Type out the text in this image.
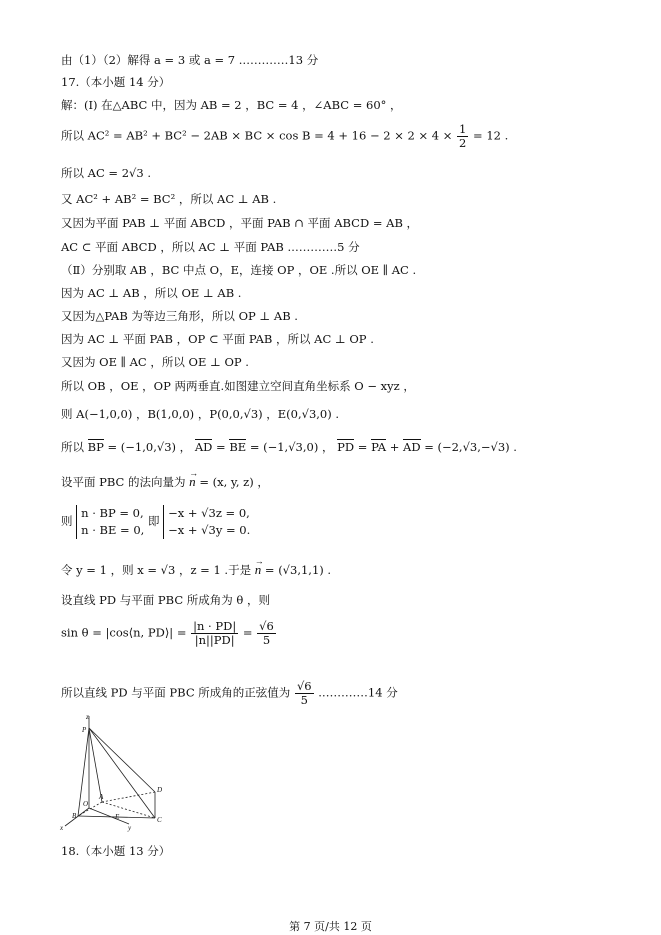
由（1）（2）解得 a = 3 或 a = 7 .…………13 分
17.（本小题 14 分）
解：(Ⅰ) 在△ABC 中，因为 AB = 2 ，BC = 4 ，∠ABC = 60° ，
所以 AC² = AB² + BC² − 2AB × BC × $\cos B = 4 + 16 - 2 \times 2 \times 4 \times \frac{1}{2} = 12$ .
所以 AC = 2√3 .
又 AC² + AB² = BC² ，所以 AC ⊥ AB .
又因为平面 PAB ⊥ 平面 ABCD ，平面 PAB ∩ 平面 ABCD = AB ，
AC ⊂ 平面 ABCD ，所以 AC ⊥ 平面 PAB .…………5 分
（Ⅱ）分别取 AB ，BC 中点 O，E，连接 OP ，OE .所以 OE ∥ AC .
因为 AC ⊥ AB ，所以 OE ⊥ AB .
又因为△PAB 为等边三角形，所以 OP ⊥ AB .
因为 AC ⊥ 平面 PAB ，OP ⊂ 平面 PAB ，所以 AC ⊥ OP .
又因为 OE ∥ AC ，所以 OE ⊥ OP .
所以 OB ，OE ，OP 两两垂直.如图建立空间直角坐标系 O − xyz ，
则 A(−1,0,0) ，B(1,0,0) ，P(0,0,√3) ，E(0,√3,0) .
所以 BP = (−1,0,√3) ， AD = BE = (−1,√3,0) ， PD = PA + AD = (−2,√3,−√3) .
设平面 PBC 的法向量为 → n = (x, y, z) ，
则
n · BP = 0,
n · BE = 0,
即
−x + √3z = 0,
−x + √3y = 0.
令 y = 1 ，则 x = √3 ，z = 1 .于是 → n = (√3,1,1) .
设直线 PD 与平面 PBC 所成角为 θ ，则
sin θ = |cos⟨n, PD⟩| = $\frac{|n \cdot PD|}{|n||PD|} = \frac{√6}{5}$
所以直线 PD 与平面 PBC 所成角的正弦值为 $\frac{√6}{5}$ .…………14 分
z
P
A
D
O
B	E	C
x	y
18.（本小题 13 分）
第 7 页/共 12 页
